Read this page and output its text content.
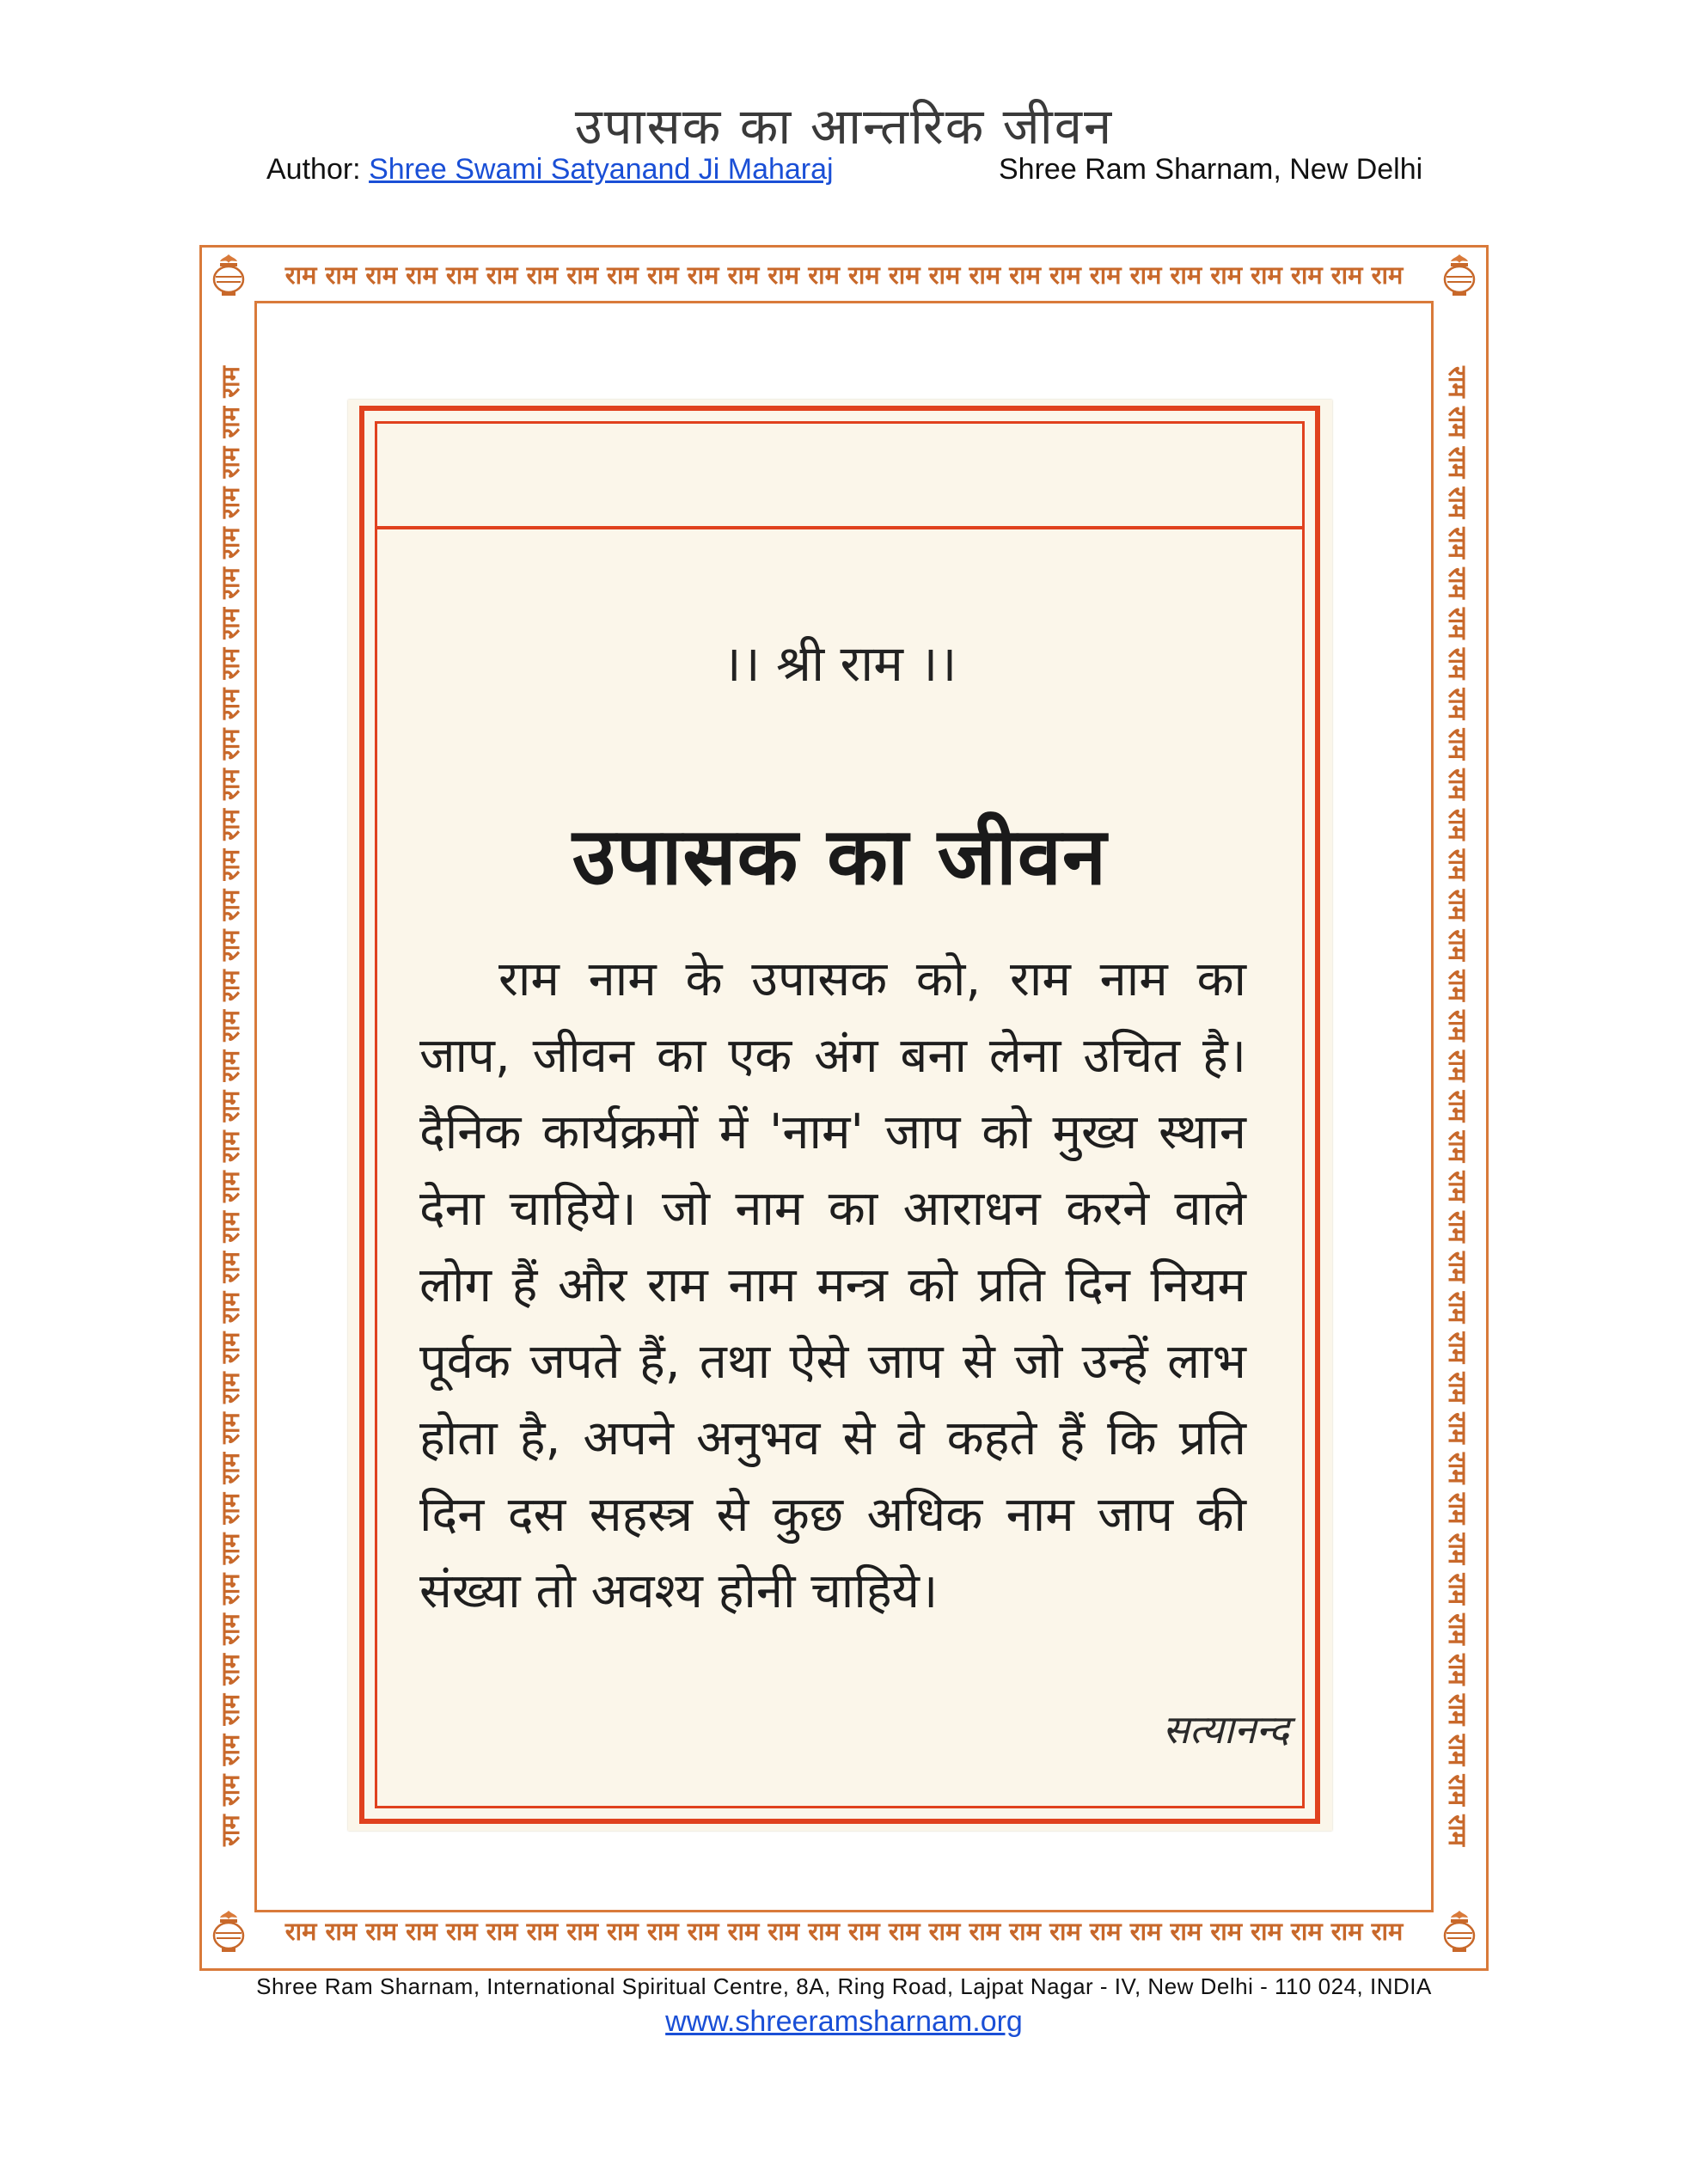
उपासक का आन्तरिक जीवन
Author: Shree Swami Satyanand Ji Maharaj	Shree Ram Sharnam, New Delhi
राम राम राम राम राम राम राम राम राम राम राम राम राम राम राम राम राम राम राम राम राम राम राम राम राम राम राम राम
राम राम राम राम राम राम राम राम राम राम राम राम राम राम राम राम राम राम राम राम राम राम राम राम राम राम राम राम
राम राम राम राम राम राम राम राम राम राम राम राम राम राम राम राम राम राम राम राम राम राम राम राम राम राम राम राम राम राम राम राम राम राम राम राम राम	राम राम राम राम राम राम राम राम राम राम राम राम राम राम राम राम राम राम राम राम राम राम राम राम राम राम राम राम राम राम राम राम राम राम राम राम राम
।। श्री राम ।।
उपासक का जीवन
राम नाम के उपासक को, राम नाम का जाप, जीवन का एक अंग बना लेना उचित है। दैनिक कार्यक्रमों में 'नाम' जाप को मुख्य स्थान देना चाहिये। जो नाम का आराधन करने वाले लोग हैं और राम नाम मन्त्र को प्रति दिन नियम पूर्वक जपते हैं, तथा ऐसे जाप से जो उन्हें लाभ होता है, अपने अनुभव से वे कहते हैं कि प्रति दिन दस सहस्त्र से कुछ अधिक नाम जाप की संख्या तो अवश्य होनी चाहिये।
सत्यानन्द
Shree Ram Sharnam, International Spiritual Centre, 8A, Ring Road, Lajpat Nagar - IV, New Delhi - 110 024, INDIA
www.shreeramsharnam.org
